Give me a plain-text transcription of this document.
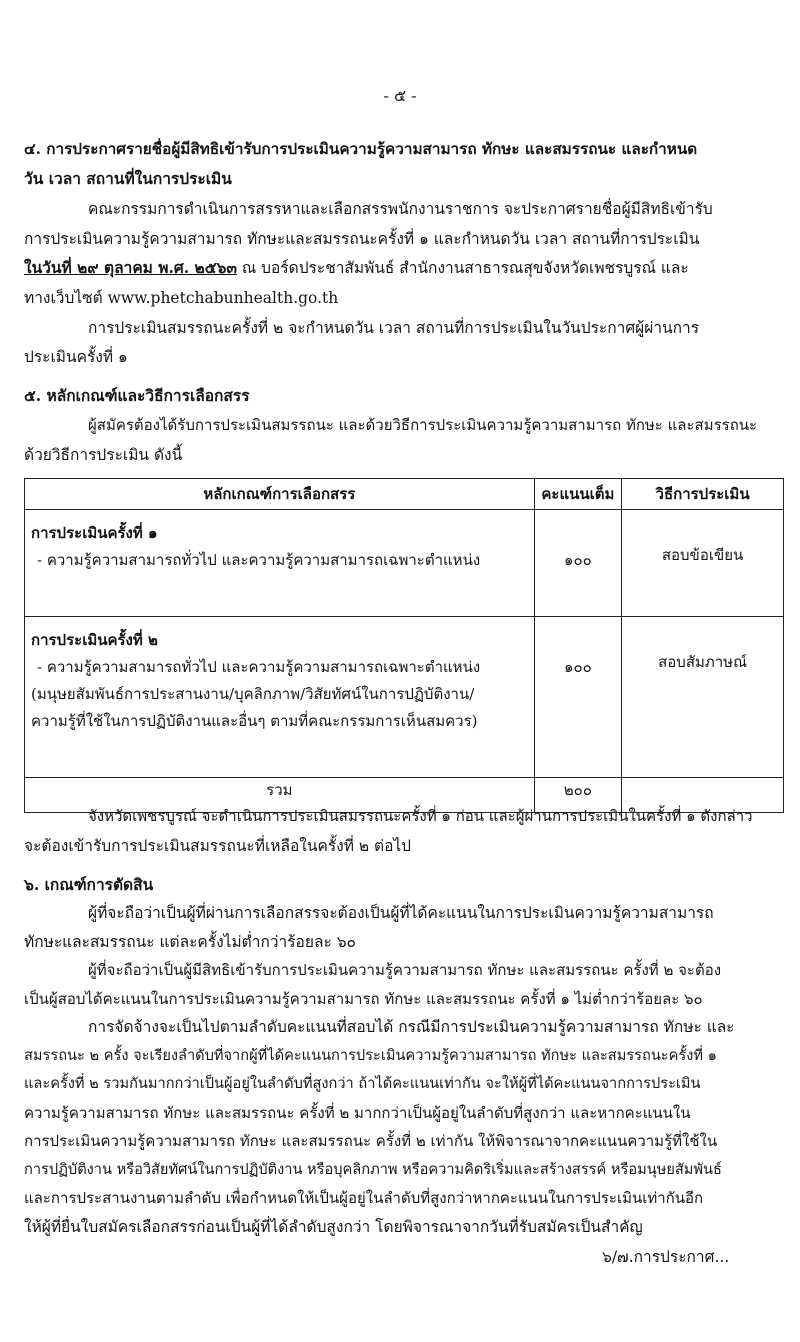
- ๕ -
๔. การประกาศรายชื่อผู้มีสิทธิเข้ารับการประเมินความรู้ความสามารถ ทักษะ และสมรรถนะ และกำหนด
วัน เวลา สถานที่ในการประเมิน
คณะกรรมการดำเนินการสรรหาและเลือกสรรพนักงานราชการ จะประกาศรายชื่อผู้มีสิทธิเข้ารับ
การประเมินความรู้ความสามารถ ทักษะและสมรรถนะครั้งที่ ๑ และกำหนดวัน เวลา สถานที่การประเมิน
ในวันที่ ๒๙ ตุลาคม พ.ศ. ๒๕๖๓ ณ บอร์ดประชาสัมพันธ์ สำนักงานสาธารณสุขจังหวัดเพชรบูรณ์ และ
ทางเว็บไซต์ www.phetchabunhealth.go.th
การประเมินสมรรถนะครั้งที่ ๒ จะกำหนดวัน เวลา สถานที่การประเมินในวันประกาศผู้ผ่านการ
ประเมินครั้งที่ ๑
๕. หลักเกณฑ์และวิธีการเลือกสรร
ผู้สมัครต้องได้รับการประเมินสมรรถนะ และด้วยวิธีการประเมินความรู้ความสามารถ ทักษะ และสมรรถนะ
ด้วยวิธีการประเมิน ดังนี้
หลักเกณฑ์การเลือกสรร	คะแนนเต็ม	วิธีการประเมิน

การประเมินครั้งที่ ๑
- ความรู้ความสามารถทั่วไป และความรู้ความสามารถเฉพาะตำแหน่ง	๑๐๐	สอบข้อเขียน

การประเมินครั้งที่ ๒
- ความรู้ความสามารถทั่วไป และความรู้ความสามารถเฉพาะตำแหน่ง
(มนุษยสัมพันธ์การประสานงาน/บุคลิกภาพ/วิสัยทัศน์ในการปฏิบัติงาน/
ความรู้ที่ใช้ในการปฏิบัติงานและอื่นๆ ตามที่คณะกรรมการเห็นสมควร)	๑๐๐	สอบสัมภาษณ์

รวม	๒๐๐	
จังหวัดเพชรบูรณ์ จะดำเนินการประเมินสมรรถนะครั้งที่ ๑ ก่อน และผู้ผ่านการประเมินในครั้งที่ ๑ ดังกล่าว
จะต้องเข้ารับการประเมินสมรรถนะที่เหลือในครั้งที่ ๒ ต่อไป
๖. เกณฑ์การตัดสิน
ผู้ที่จะถือว่าเป็นผู้ที่ผ่านการเลือกสรรจะต้องเป็นผู้ที่ได้คะแนนในการประเมินความรู้ความสามารถ
ทักษะและสมรรถนะ แต่ละครั้งไม่ต่ำกว่าร้อยละ ๖๐
ผู้ที่จะถือว่าเป็นผู้มีสิทธิเข้ารับการประเมินความรู้ความสามารถ ทักษะ และสมรรถนะ ครั้งที่ ๒ จะต้อง
เป็นผู้สอบได้คะแนนในการประเมินความรู้ความสามารถ ทักษะ และสมรรถนะ ครั้งที่ ๑ ไม่ต่ำกว่าร้อยละ ๖๐
การจัดจ้างจะเป็นไปตามลำดับคะแนนที่สอบได้ กรณีมีการประเมินความรู้ความสามารถ ทักษะ และ
สมรรถนะ ๒ ครั้ง จะเรียงลำดับที่จากผู้ที่ได้คะแนนการประเมินความรู้ความสามารถ ทักษะ และสมรรถนะครั้งที่ ๑
และครั้งที่ ๒ รวมกันมากกว่าเป็นผู้อยู่ในลำดับที่สูงกว่า ถ้าได้คะแนนเท่ากัน จะให้ผู้ที่ได้คะแนนจากการประเมิน
ความรู้ความสามารถ ทักษะ และสมรรถนะ ครั้งที่ ๒ มากกว่าเป็นผู้อยู่ในลำดับที่สูงกว่า และหากคะแนนใน
การประเมินความรู้ความสามารถ ทักษะ และสมรรถนะ ครั้งที่ ๒ เท่ากัน ให้พิจารณาจากคะแนนความรู้ที่ใช้ใน
การปฏิบัติงาน หรือวิสัยทัศน์ในการปฏิบัติงาน หรือบุคลิกภาพ หรือความคิดริเริ่มและสร้างสรรค์ หรือมนุษยสัมพันธ์
และการประสานงานตามลำดับ เพื่อกำหนดให้เป็นผู้อยู่ในลำดับที่สูงกว่าหากคะแนนในการประเมินเท่ากันอีก
ให้ผู้ที่ยื่นใบสมัครเลือกสรรก่อนเป็นผู้ที่ได้ลำดับสูงกว่า โดยพิจารณาจากวันที่รับสมัครเป็นสำคัญ
๖/๗.การประกาศ...
